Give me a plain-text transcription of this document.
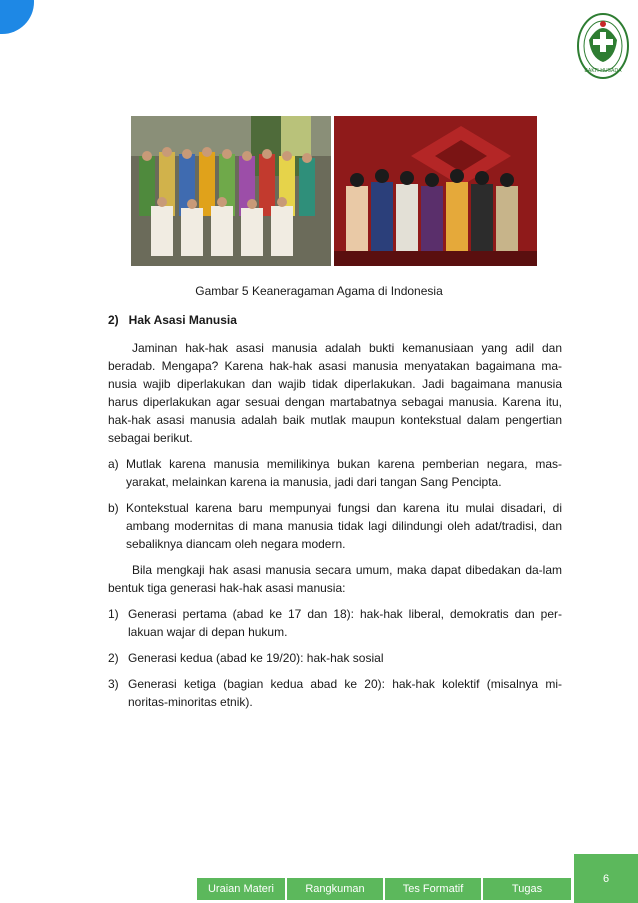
BAKTI HUSADA
Gambar 5 Keaneragaman Agama di Indonesia
2) Hak Asasi Manusia

Jaminan hak-hak asasi manusia adalah bukti kemanusiaan yang adil dan beradab. Mengapa? Karena hak-hak asasi manusia menyatakan bagaimana ma-nusia wajib diperlakukan dan wajib tidak diperlakukan. Jadi bagaimana manusia harus diperlakukan agar sesuai dengan martabatnya sebagai manusia. Karena itu, hak-hak asasi manusia adalah baik mutlak maupun kontekstual dalam pengertian sebagai berikut.

a) Mutlak karena manusia memilikinya bukan karena pemberian negara, mas-yarakat, melainkan karena ia manusia, jadi dari tangan Sang Pencipta.

b) Kontekstual karena baru mempunyai fungsi dan karena itu mulai disadari, di ambang modernitas di mana manusia tidak lagi dilindungi oleh adat/tradisi, dan sebaliknya diancam oleh negara modern.

Bila mengkaji hak asasi manusia secara umum, maka dapat dibedakan da-lam bentuk tiga generasi hak-hak asasi manusia:

1) Generasi pertama (abad ke 17 dan 18): hak-hak liberal, demokratis dan per-lakuan wajar di depan hukum.

2) Generasi kedua (abad ke 19/20): hak-hak sosial

3) Generasi ketiga (bagian kedua abad ke 20): hak-hak kolektif (misalnya mi-noritas-minoritas etnik).

6
Uraian Materi	Rangkuman	Tes Formatif	Tugas
